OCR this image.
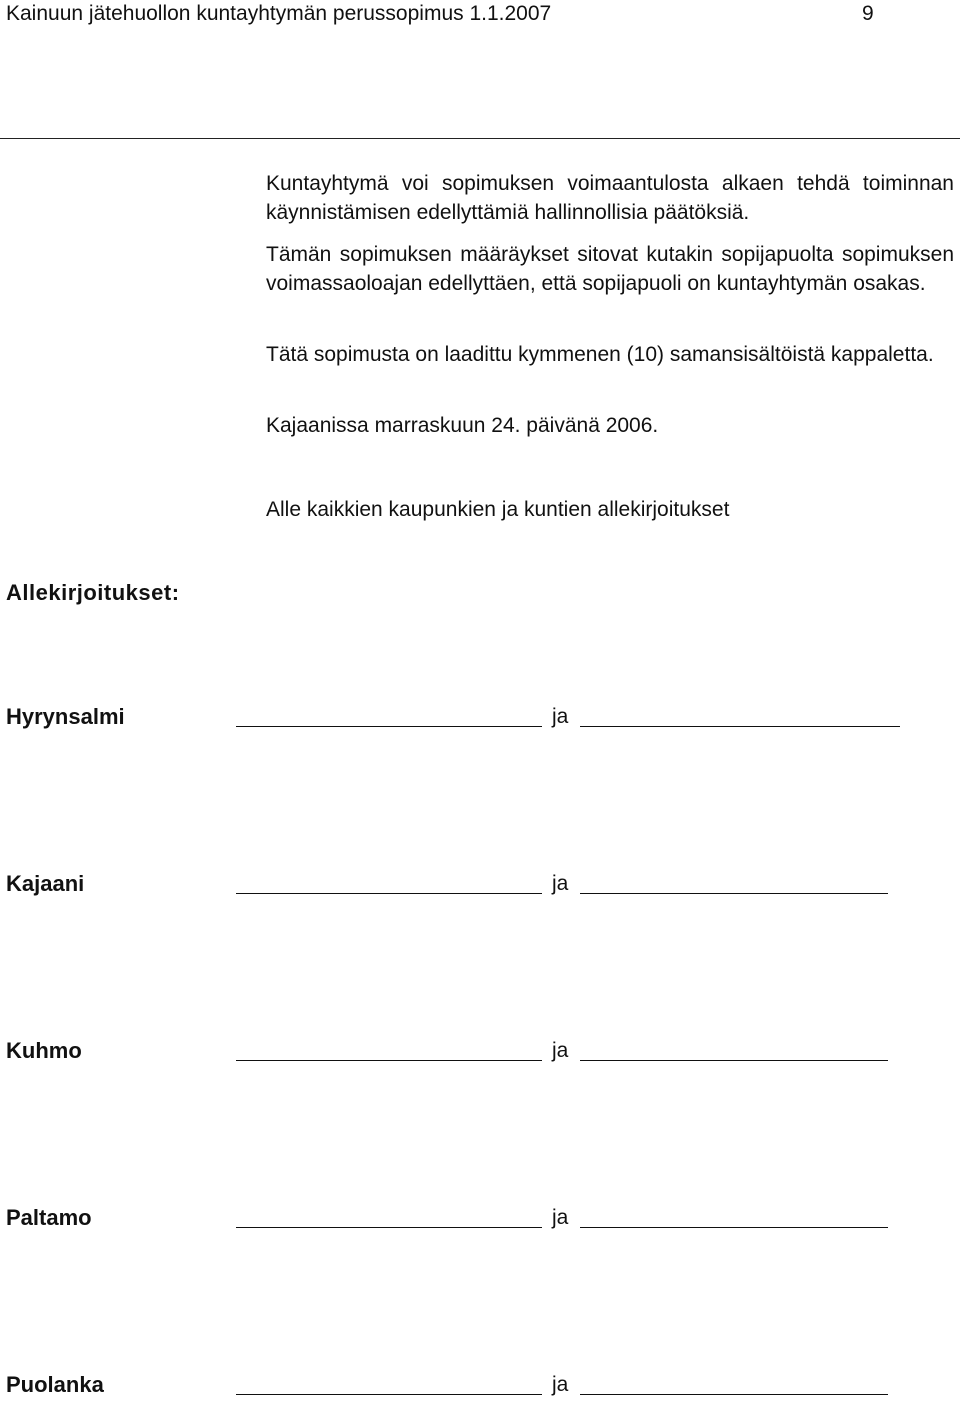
Kainuun jätehuollon kuntayhtymän perussopimus 1.1.2007	9

Kuntayhtymä voi sopimuksen voimaantulosta alkaen tehdä toiminnan käynnistämisen edellyttämiä hallinnollisia päätöksiä.

Tämän sopimuksen määräykset sitovat kutakin sopijapuolta sopimuksen voimassaoloajan edellyttäen, että sopijapuoli on kuntayhtymän osakas.

Tätä sopimusta on laadittu kymmenen (10) samansisältöistä kappaletta.

Kajaanissa marraskuun 24. päivänä 2006.

Alle kaikkien kaupunkien ja kuntien allekirjoitukset

Allekirjoitukset:
Hyrynsalmi	ja
Kajaani	ja
Kuhmo	ja
Paltamo	ja
Puolanka	ja
